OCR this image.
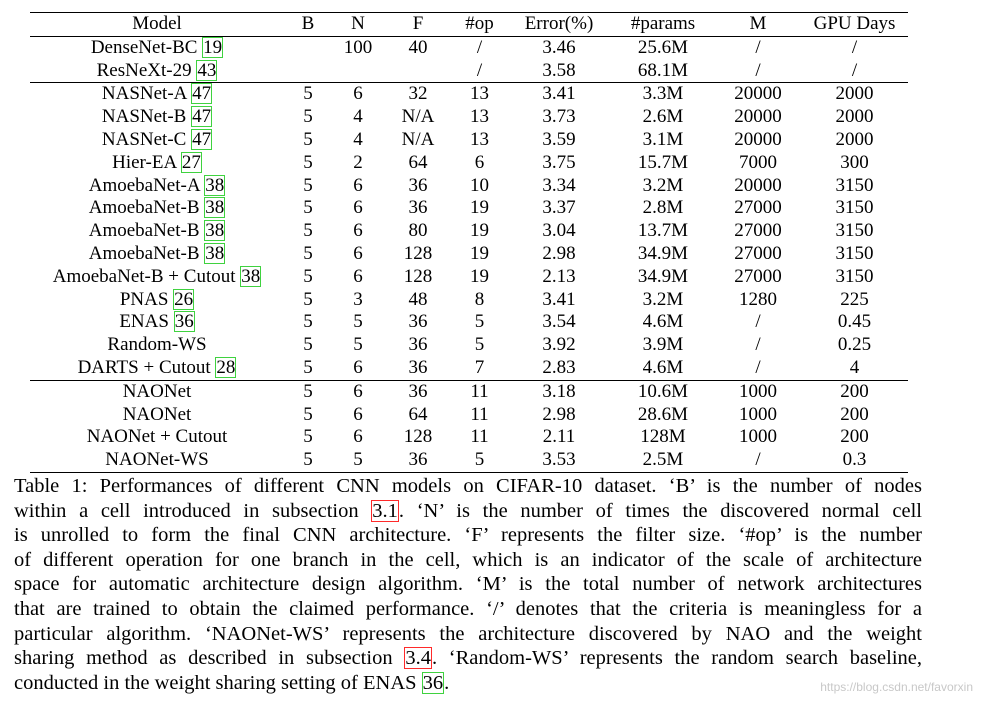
Model	B	N	F	#op	Error(%)	#params	M	GPU Days
DenseNet-BC 19		100	40	/	3.46	25.6M	/	/
ResNeXt-29 43				/	3.58	68.1M	/	/
NASNet-A 47	5	6	32	13	3.41	3.3M	20000	2000
NASNet-B 47	5	4	N/A	13	3.73	2.6M	20000	2000
NASNet-C 47	5	4	N/A	13	3.59	3.1M	20000	2000
Hier-EA 27	5	2	64	6	3.75	15.7M	7000	300
AmoebaNet-A 38	5	6	36	10	3.34	3.2M	20000	3150
AmoebaNet-B 38	5	6	36	19	3.37	2.8M	27000	3150
AmoebaNet-B 38	5	6	80	19	3.04	13.7M	27000	3150
AmoebaNet-B 38	5	6	128	19	2.98	34.9M	27000	3150
AmoebaNet-B + Cutout 38	5	6	128	19	2.13	34.9M	27000	3150
PNAS 26	5	3	48	8	3.41	3.2M	1280	225
ENAS 36	5	5	36	5	3.54	4.6M	/	0.45
Random-WS	5	5	36	5	3.92	3.9M	/	0.25
DARTS + Cutout 28	5	6	36	7	2.83	4.6M	/	4
NAONet	5	6	36	11	3.18	10.6M	1000	200
NAONet	5	6	64	11	2.98	28.6M	1000	200
NAONet + Cutout	5	6	128	11	2.11	128M	1000	200
NAONet-WS	5	5	36	5	3.53	2.5M	/	0.3
Table 1: Performances of different CNN models on CIFAR-10 dataset. ‘B’ is the number of nodes
within a cell introduced in subsection 3.1. ‘N’ is the number of times the discovered normal cell
is unrolled to form the final CNN architecture. ‘F’ represents the filter size. ‘#op’ is the number
of different operation for one branch in the cell, which is an indicator of the scale of architecture
space for automatic architecture design algorithm. ‘M’ is the total number of network architectures
that are trained to obtain the claimed performance. ‘/’ denotes that the criteria is meaningless for a
particular algorithm. ‘NAONet-WS’ represents the architecture discovered by NAO and the weight
sharing method as described in subsection 3.4. ‘Random-WS’ represents the random search baseline,
conducted in the weight sharing setting of ENAS 36.	https://blog.csdn.net/favorxin
